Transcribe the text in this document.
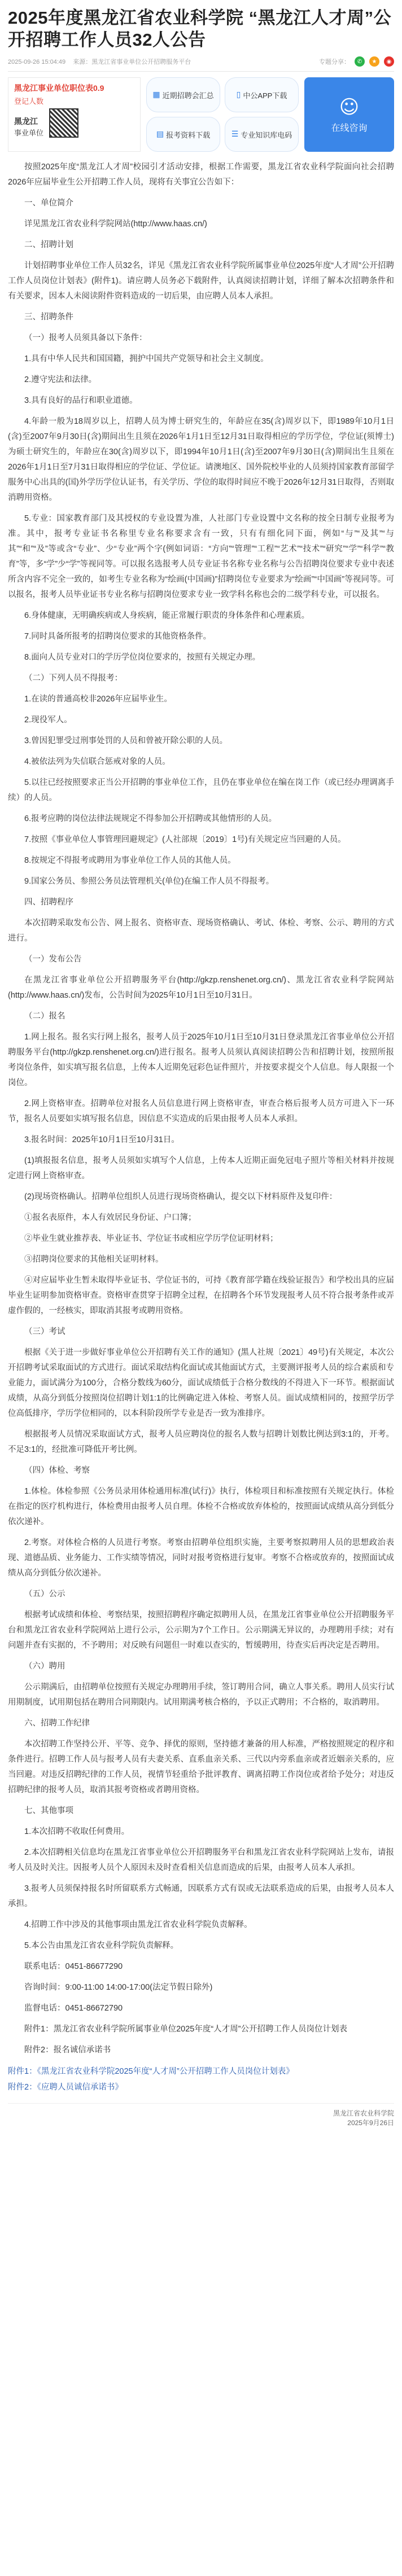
2025年度黑龙江省农业科学院 “黑龙江人才周”公开招聘工作人员32人公告
2025-09-26 15:04:49 来源：黑龙江省事业单位公开招聘服务平台	专题分享：	✆	★	◉
黑龙江事业单位职位表0.9
登记人数
黑龙江
事业单位
▦ 近期招聘会汇总	▯ 中公APP下载
▤ 报考资料下载	☰ 专业知识库电码
☺
在线咨询

按照2025年度“黑龙江人才周”校园引才活动安排，根据工作需要，黑龙江省农业科学院面向社会招聘2026年应届毕业生公开招聘工作人员，现将有关事宜公告如下：

一、单位简介

详见黑龙江省农业科学院网站(http://www.haas.cn/)

二、招聘计划

计划招聘事业单位工作人员32名，详见《黑龙江省农业科学院所属事业单位2025年度“人才周”公开招聘工作人员岗位计划表》(附件1)。请应聘人员务必下载附件，认真阅读招聘计划，详细了解本次招聘条件和有关要求，因本人未阅读附件资料造成的一切后果，由应聘人员本人承担。

三、招聘条件

（一）报考人员须具备以下条件：

1.具有中华人民共和国国籍，拥护中国共产党领导和社会主义制度。

2.遵守宪法和法律。

3.具有良好的品行和职业道德。

4.年龄一般为18周岁以上，招聘人员为博士研究生的，年龄应在35(含)周岁以下，即1989年10月1日(含)至2007年9月30日(含)期间出生且须在2026年1月1日至12月31日取得相应的学历学位，学位证(须博士)为硕士研究生的，年龄应在30(含)周岁以下，即1994年10月1日(含)至2007年9月30日(含)期间出生且须在2026年1月1日至7月31日取得相应的学位证、学位证。请澳地区、国外院校毕业的人员须持国家教育部留学服务中心出具的(国)外学历学位认证书，有关学历、学位的取得时间应不晚于2026年12月31日取得，否则取消聘用资格。

5.专业：国家教育部门及其授权的专业设置为准，人社部门专业设置中文名称的按全日制专业报考为准。其中，报考专业证书名称里专业名称要求含有一致，只有有细化同下面，例如“与”“及其”“与其”“和”“及”等或含“专业”、少“专业”两个字(例如词语：“方向”“管理”“工程”“艺术”“技术”“研究”“学”“科学”“教育”等，多“学”少“学”等视同等。可以报名选报考人员专业证书名称专业名称与公告招聘岗位要求专业中表述所含内容不完全一致的，如考生专业名称为“绘画(中国画)”招聘岗位专业要求为“绘画”“中国画”等视同等。可以报名，报考人员毕业证书专业名称与招聘岗位要求专业一致学科名称也会的二级学科专业，可以报名。

6.身体健康，无明确疾病或人身疾病，能正常履行职责的身体条件和心理素质。

7.同时具备所报考的招聘岗位要求的其他资格条件。

8.面向人员专业对口的学历学位岗位要求的，按照有关规定办理。

（二）下列人员不得报考：

1.在读的普通高校非2026年应届毕业生。

2.现役军人。

3.曾因犯罪受过刑事处罚的人员和曾被开除公职的人员。

4.被依法列为失信联合惩戒对象的人员。

5.以往已经按照要求正当公开招聘的事业单位工作，且仍在事业单位在编在岗工作（或已经办理调离手续）的人员。

6.报考应聘的岗位法律法规规定不得参加公开招聘或其他情形的人员。

7.按照《事业单位人事管理回避规定》(人社部规〔2019〕1号)有关规定应当回避的人员。

8.按规定不得报考或聘用为事业单位工作人员的其他人员。

9.国家公务员、参照公务员法管理机关(单位)在编工作人员不得报考。

四、招聘程序

本次招聘采取发布公告、网上报名、资格审查、现场资格确认、考试、体检、考察、公示、聘用的方式进行。

（一）发布公告

在黑龙江省事业单位公开招聘服务平台(http://gkzp.renshenet.org.cn/)、黑龙江省农业科学院网站(http://www.haas.cn/)发布，公告时间为2025年10月1日至10月31日。

（二）报名

1.网上报名。报名实行网上报名，报考人员于2025年10月1日至10月31日登录黑龙江省事业单位公开招聘服务平台(http://gkzp.renshenet.org.cn/)进行报名。报考人员须认真阅读招聘公告和招聘计划，按照所报考岗位条件，如实填写报名信息，上传本人近期免冠彩色证件照片，并按要求提交个人信息。每人限报一个岗位。

2.网上资格审查。招聘单位对报名人员信息进行网上资格审查，审查合格后报考人员方可进入下一环节，报名人员要如实填写报名信息，因信息不实造成的后果由报考人员本人承担。

3.报名时间：2025年10月1日至10月31日。

(1)填报报名信息，报考人员须如实填写个人信息，上传本人近期正面免冠电子照片等相关材料并按规定进行网上资格审查。

(2)现场资格确认。招聘单位组织人员进行现场资格确认，提交以下材料原件及复印件：

①报名表原件，本人有效居民身份证、户口簿；

②毕业生就业推荐表、毕业证书、学位证书或相应学历学位证明材料；

③招聘岗位要求的其他相关证明材料。

④对应届毕业生暂未取得毕业证书、学位证书的，可持《教育部学籍在线验证报告》和学校出具的应届毕业生证明参加资格审查。资格审查贯穿于招聘全过程，在招聘各个环节发现报考人员不符合报考条件或弄虚作假的，一经核实，即取消其报考或聘用资格。

（三）考试

根据《关于进一步做好事业单位公开招聘有关工作的通知》(黑人社规〔2021〕49号)有关规定，本次公开招聘考试采取面试的方式进行。面试采取结构化面试或其他面试方式，主要测评报考人员的综合素质和专业能力，面试满分为100分，合格分数线为60分，面试成绩低于合格分数线的不得进入下一环节。根据面试成绩，从高分到低分按照岗位招聘计划1:1的比例确定进入体检、考察人员。面试成绩相同的，按照学历学位高低排序，学历学位相同的，以本科阶段所学专业是否一致为准排序。

根据报考人员情况采取面试方式，报考人员应聘岗位的报名人数与招聘计划数比例达到3:1的，开考。不足3:1的，经批准可降低开考比例。

（四）体检、考察

1.体检。体检参照《公务员录用体检通用标准(试行)》执行，体检项目和标准按照有关规定执行。体检在指定的医疗机构进行，体检费用由报考人员自理。体检不合格或放弃体检的，按照面试成绩从高分到低分依次递补。

2.考察。对体检合格的人员进行考察。考察由招聘单位组织实施，主要考察拟聘用人员的思想政治表现、道德品质、业务能力、工作实绩等情况，同时对报考资格进行复审。考察不合格或放弃的，按照面试成绩从高分到低分依次递补。

（五）公示

根据考试成绩和体检、考察结果，按照招聘程序确定拟聘用人员，在黑龙江省事业单位公开招聘服务平台和黑龙江省农业科学院网站上进行公示，公示期为7个工作日。公示期满无异议的，办理聘用手续；对有问题并查有实据的，不予聘用；对反映有问题但一时难以查实的，暂缓聘用，待查实后再决定是否聘用。

（六）聘用

公示期满后，由招聘单位按照有关规定办理聘用手续，签订聘用合同，确立人事关系。聘用人员实行试用期制度，试用期包括在聘用合同期限内。试用期满考核合格的，予以正式聘用；不合格的，取消聘用。

六、招聘工作纪律

本次招聘工作坚持公开、平等、竞争、择优的原则，坚持德才兼备的用人标准，严格按照规定的程序和条件进行。招聘工作人员与报考人员有夫妻关系、直系血亲关系、三代以内旁系血亲或者近姻亲关系的，应当回避。对违反招聘纪律的工作人员，视情节轻重给予批评教育、调离招聘工作岗位或者给予处分；对违反招聘纪律的报考人员，取消其报考资格或者聘用资格。

七、其他事项

1.本次招聘不收取任何费用。

2.本次招聘相关信息均在黑龙江省事业单位公开招聘服务平台和黑龙江省农业科学院网站上发布，请报考人员及时关注。因报考人员个人原因未及时查看相关信息而造成的后果，由报考人员本人承担。

3.报考人员须保持报名时所留联系方式畅通，因联系方式有误或无法联系造成的后果，由报考人员本人承担。

4.招聘工作中涉及的其他事项由黑龙江省农业科学院负责解释。

5.本公告由黑龙江省农业科学院负责解释。

联系电话：0451-86677290

咨询时间：9:00-11:00 14:00-17:00(法定节假日除外)

监督电话：0451-86672790

附件1：黑龙江省农业科学院所属事业单位2025年度“人才周”公开招聘工作人员岗位计划表

附件2：报名诚信承诺书

附件1：《黑龙江省农业科学院2025年度“人才周”公开招聘工作人员岗位计划表》
附件2：《应聘人员诚信承诺书》
黑龙江省农业科学院
2025年9月26日
